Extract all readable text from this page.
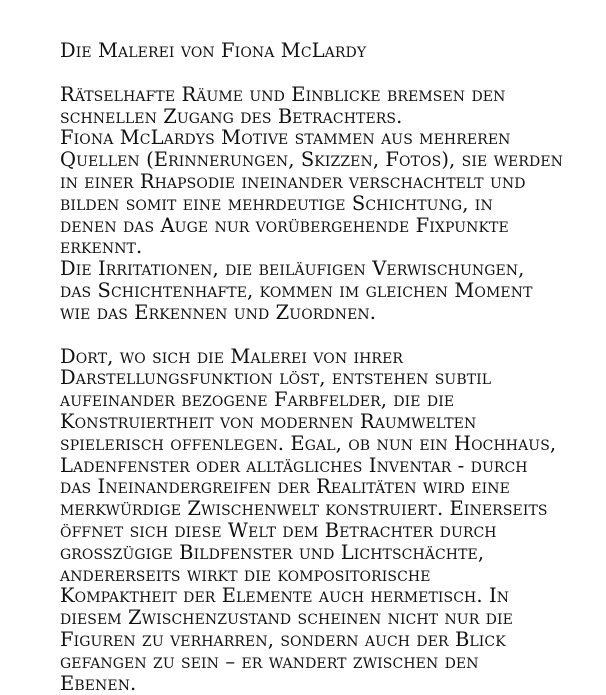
Die Malerei von Fiona McLardy

Rätselhafte Räume und Einblicke bremsen den
schnellen Zugang des Betrachters.
Fiona McLardys Motive stammen aus mehreren
Quellen (Erinnerungen, Skizzen, Fotos), sie werden
in einer Rhapsodie ineinander verschachtelt und
bilden somit eine mehrdeutige Schichtung, in
denen das Auge nur vorübergehende Fixpunkte
erkennt.
Die Irritationen, die beiläufigen Verwischungen,
das Schichtenhafte, kommen im gleichen Moment
wie das Erkennen und Zuordnen.

Dort, wo sich die Malerei von ihrer
Darstellungsfunktion löst, entstehen subtil
aufeinander bezogene Farbfelder, die die
Konstruiertheit von modernen Raumwelten
spielerisch offenlegen. Egal, ob nun ein Hochhaus,
Ladenfenster oder alltägliches Inventar - durch
das Ineinandergreifen der Realitäten wird eine
merkwürdige Zwischenwelt konstruiert. Einerseits
öffnet sich diese Welt dem Betrachter durch
grosszügige Bildfenster und Lichtschächte,
andererseits wirkt die kompositorische
Kompaktheit der Elemente auch hermetisch. In
diesem Zwischenzustand scheinen nicht nur die
Figuren zu verharren, sondern auch der Blick
gefangen zu sein – er wandert zwischen den
Ebenen.
